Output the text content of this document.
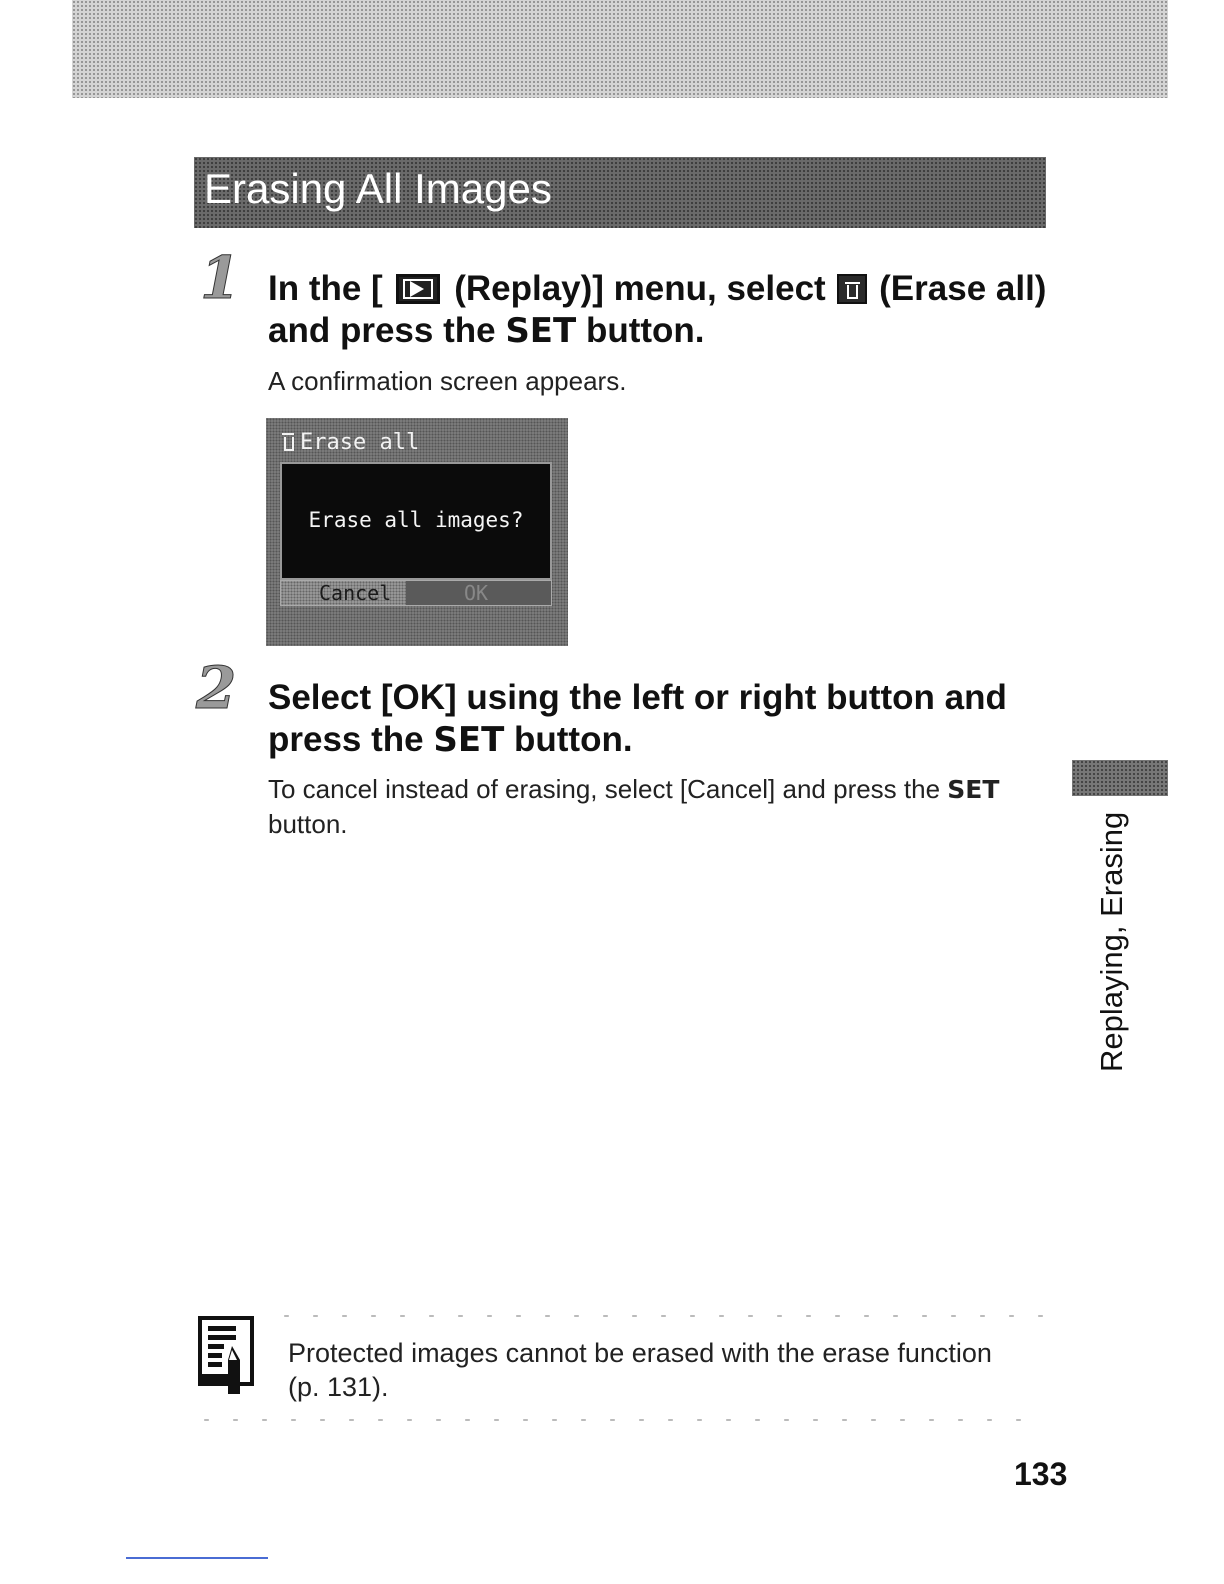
Erasing All Images
1 In the [ (Replay)] menu, select (Erase all) and press the SET button.
A confirmation screen appears.
Erase all
Erase all images?
Cancel	OK
2 Select [OK] using the left or right button and press the SET button.
To cancel instead of erasing, select [Cancel] and press the SET button.	Replaying, Erasing
Protected images cannot be erased with the erase function (p. 131).
133
